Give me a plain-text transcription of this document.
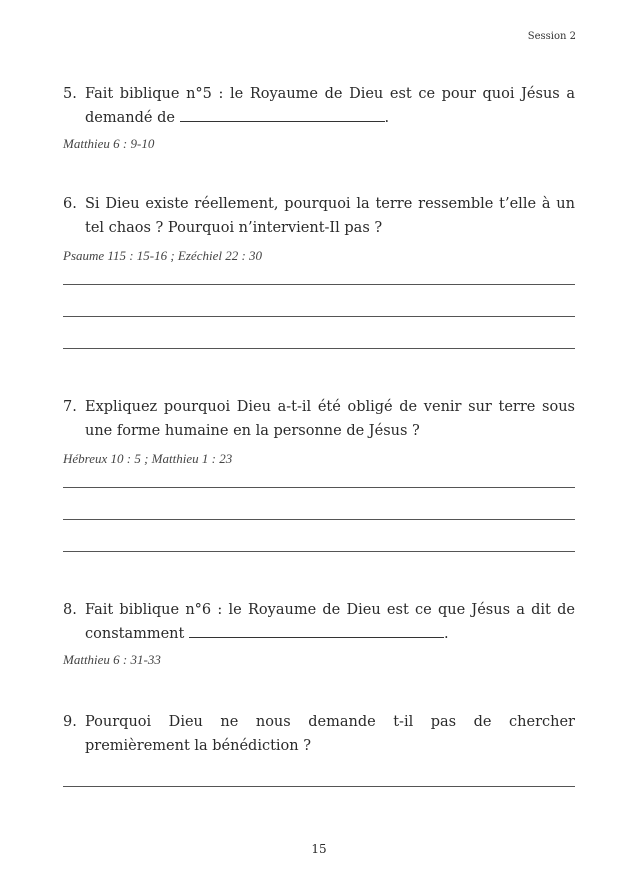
Session 2
5. Fait biblique n°5 : le Royaume de Dieu est ce pour quoi Jésus a demandé de	.
Matthieu 6 : 9-10
6. Si Dieu existe réellement, pourquoi la terre ressemble t’elle à un tel chaos ? Pourquoi n’intervient-Il pas ?
Psaume 115 : 15-16 ; Ezéchiel 22 : 30
7. Expliquez pourquoi Dieu a-t-il été obligé de venir sur terre sous une forme humaine en la personne de Jésus ?
Hébreux 10 : 5 ; Matthieu 1 : 23
8. Fait biblique n°6 : le Royaume de Dieu est ce que Jésus a dit de constamment	.
Matthieu 6 : 31-33
9. Pourquoi Dieu ne nous demande t-il pas de chercher premièrement la bénédiction ?
15
